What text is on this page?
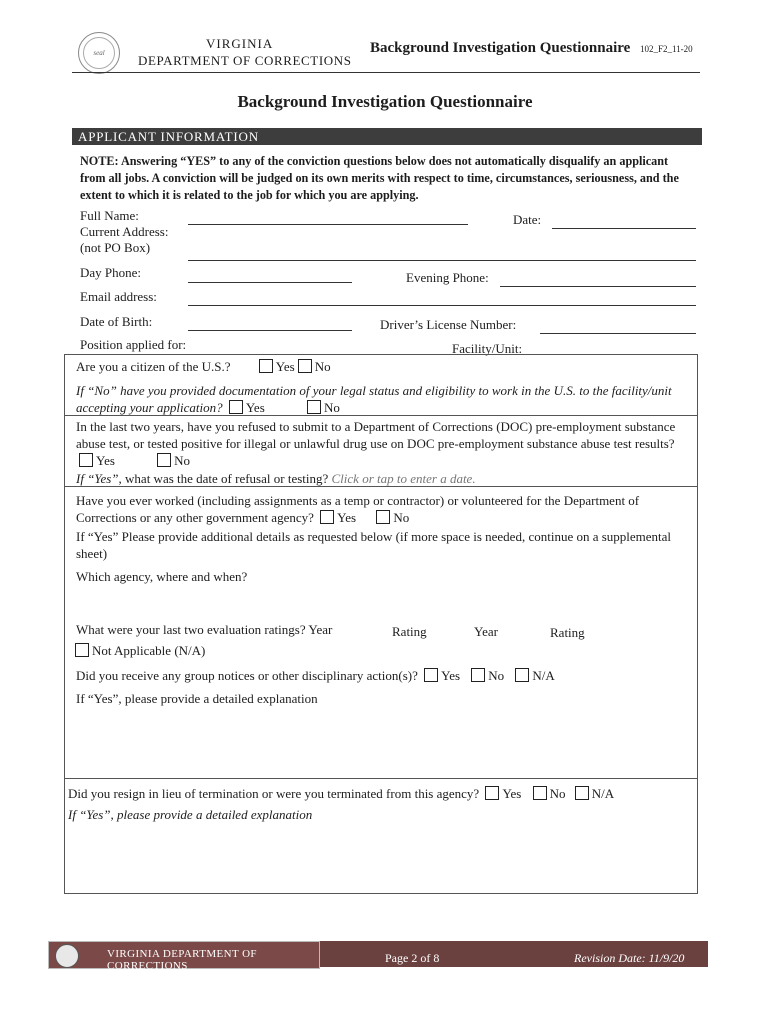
seal
VIRGINIA
DEPARTMENT OF CORRECTIONS
Background Investigation Questionnaire 102_F2_11-20
Background Investigation Questionnaire
APPLICANT INFORMATION
NOTE: Answering “YES” to any of the conviction questions below does not automatically disqualify an applicant from all jobs. A conviction will be judged on its own merits with respect to time, circumstances, seriousness, and the extent to which it is related to the job for which you are applying.
Full Name:	Date:
Current Address:
(not PO Box)
Day Phone:	Evening Phone:
Email address:
Date of Birth:	Driver’s License Number:
Position applied for:	Facility/Unit:
Are you a citizen of the U.S.?	Yes No
If “No” have you provided documentation of your legal status and eligibility to work in the U.S. to the facility/unit accepting your application? Yes	No
In the last two years, have you refused to submit to a Department of Corrections (DOC) pre-employment substance abuse test, or tested positive for illegal or unlawful drug use on DOC pre-employment substance abuse test results? Yes	No
If “Yes”, what was the date of refusal or testing? Click or tap to enter a date.
Have you ever worked (including assignments as a temp or contractor) or volunteered for the Department of Corrections or any other government agency? Yes	No
If “Yes” Please provide additional details as requested below (if more space is needed, continue on a supplemental sheet)
Which agency, where and when?
What were your last two evaluation ratings? Year	Rating	Year	Rating
Not Applicable (N/A)
Did you receive any group notices or other disciplinary action(s)? Yes No N/A
If “Yes”, please provide a detailed explanation
Did you resign in lieu of termination or were you terminated from this agency? Yes No N/A
If “Yes”, please provide a detailed explanation
VIRGINIA DEPARTMENT OF CORRECTIONS
Page 2 of 8	Revision Date: 11/9/20
